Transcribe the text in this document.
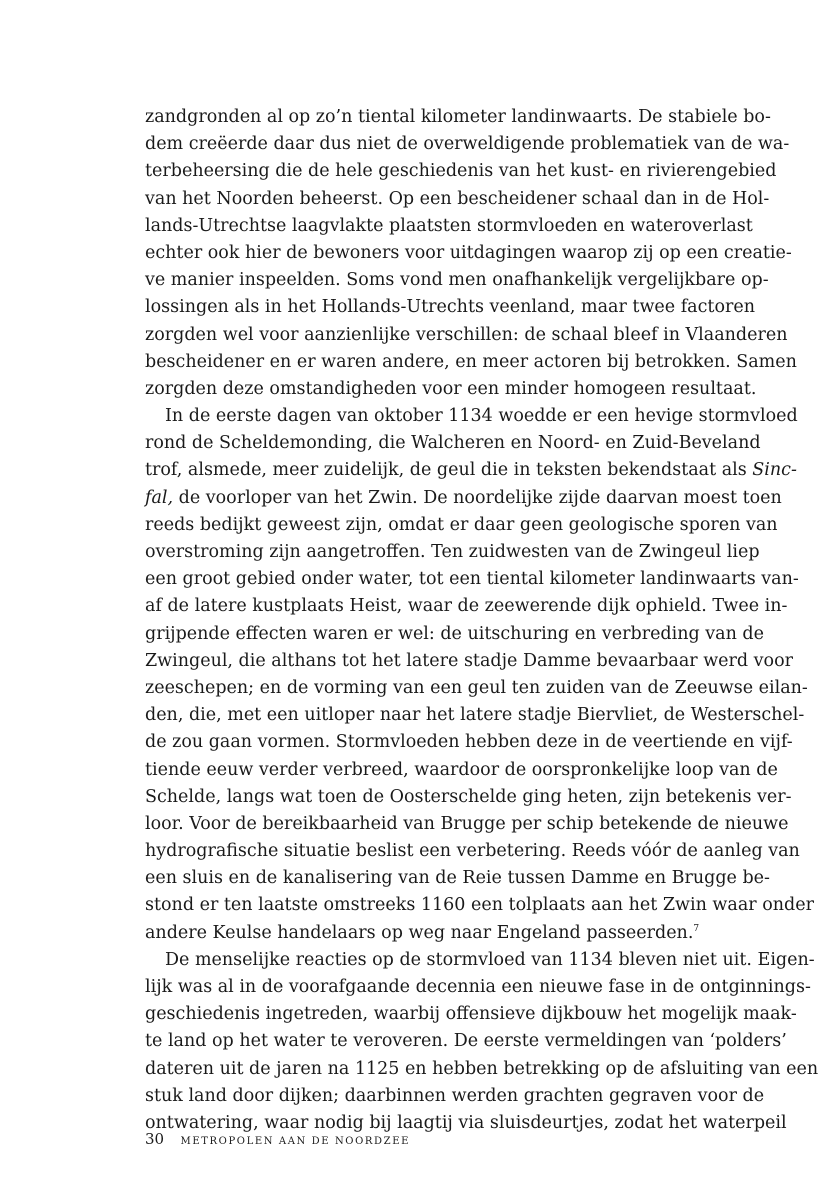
zandgronden al op zo’n tiental kilometer landinwaarts. De stabiele bo-
dem creëerde daar dus niet de overweldigende problematiek van de wa-
terbeheersing die de hele geschiedenis van het kust- en rivierengebied
van het Noorden beheerst. Op een bescheidener schaal dan in de Hol-
lands-Utrechtse laagvlakte plaatsten stormvloeden en wateroverlast
echter ook hier de bewoners voor uitdagingen waarop zij op een creatie-
ve manier inspeelden. Soms vond men onafhankelijk vergelijkbare op-
lossingen als in het Hollands-Utrechts veenland, maar twee factoren
zorgden wel voor aanzienlijke verschillen: de schaal bleef in Vlaanderen
bescheidener en er waren andere, en meer actoren bij betrokken. Samen
zorgden deze omstandigheden voor een minder homogeen resultaat.
In de eerste dagen van oktober 1134 woedde er een hevige stormvloed
rond de Scheldemonding, die Walcheren en Noord- en Zuid-Beveland
trof, alsmede, meer zuidelijk, de geul die in teksten bekendstaat als Sinc-
fal, de voorloper van het Zwin. De noordelijke zijde daarvan moest toen
reeds bedijkt geweest zijn, omdat er daar geen geologische sporen van
overstroming zijn aangetroffen. Ten zuidwesten van de Zwingeul liep
een groot gebied onder water, tot een tiental kilometer landinwaarts van-
af de latere kustplaats Heist, waar de zeewerende dijk ophield. Twee in-
grijpende effecten waren er wel: de uitschuring en verbreding van de
Zwingeul, die althans tot het latere stadje Damme bevaarbaar werd voor
zeeschepen; en de vorming van een geul ten zuiden van de Zeeuwse eilan-
den, die, met een uitloper naar het latere stadje Biervliet, de Westerschel-
de zou gaan vormen. Stormvloeden hebben deze in de veertiende en vijf-
tiende eeuw verder verbreed, waardoor de oorspronkelijke loop van de
Schelde, langs wat toen de Oosterschelde ging heten, zijn betekenis ver-
loor. Voor de bereikbaarheid van Brugge per schip betekende de nieuwe
hydrografische situatie beslist een verbetering. Reeds vóór de aanleg van
een sluis en de kanalisering van de Reie tussen Damme en Brugge be-
stond er ten laatste omstreeks 1160 een tolplaats aan het Zwin waar onder
andere Keulse handelaars op weg naar Engeland passeerden.$^7$
De menselijke reacties op de stormvloed van 1134 bleven niet uit. Eigen-
lijk was al in de voorafgaande decennia een nieuwe fase in de ontginnings-
geschiedenis ingetreden, waarbij offensieve dijkbouw het mogelijk maak-
te land op het water te veroveren. De eerste vermeldingen van ‘polders’
dateren uit de jaren na 1125 en hebben betrekking op de afsluiting van een
stuk land door dijken; daarbinnen werden grachten gegraven voor de
ontwatering, waar nodig bij laagtij via sluisdeurtjes, zodat het waterpeil
30 METROPOLEN AAN DE NOORDZEE
